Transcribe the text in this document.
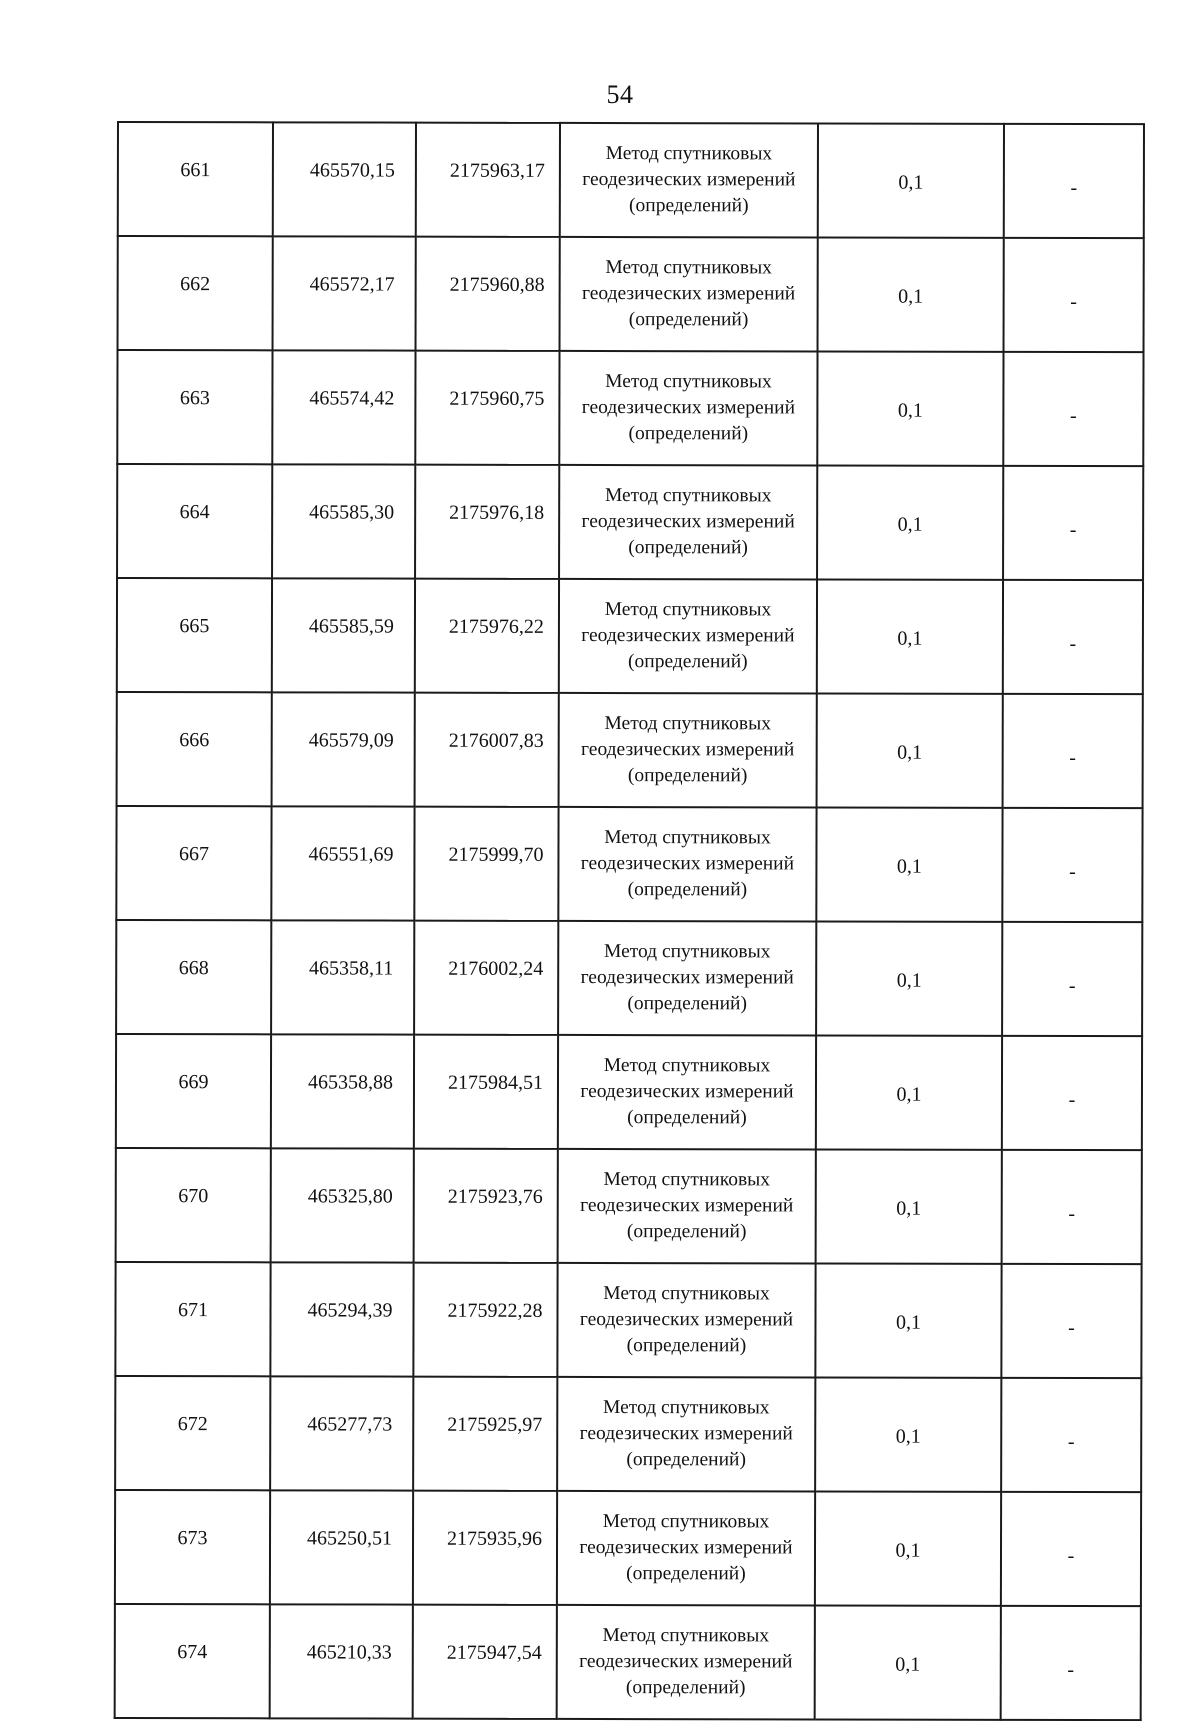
54
661	465570,15	2175963,17	Метод спутниковых геодезических измерений (определений)	0,1	-
662	465572,17	2175960,88	Метод спутниковых геодезических измерений (определений)	0,1	-
663	465574,42	2175960,75	Метод спутниковых геодезических измерений (определений)	0,1	-
664	465585,30	2175976,18	Метод спутниковых геодезических измерений (определений)	0,1	-
665	465585,59	2175976,22	Метод спутниковых геодезических измерений (определений)	0,1	-
666	465579,09	2176007,83	Метод спутниковых геодезических измерений (определений)	0,1	-
667	465551,69	2175999,70	Метод спутниковых геодезических измерений (определений)	0,1	-
668	465358,11	2176002,24	Метод спутниковых геодезических измерений (определений)	0,1	-
669	465358,88	2175984,51	Метод спутниковых геодезических измерений (определений)	0,1	-
670	465325,80	2175923,76	Метод спутниковых геодезических измерений (определений)	0,1	-
671	465294,39	2175922,28	Метод спутниковых геодезических измерений (определений)	0,1	-
672	465277,73	2175925,97	Метод спутниковых геодезических измерений (определений)	0,1	-
673	465250,51	2175935,96	Метод спутниковых геодезических измерений (определений)	0,1	-
674	465210,33	2175947,54	Метод спутниковых геодезических измерений (определений)	0,1	-
